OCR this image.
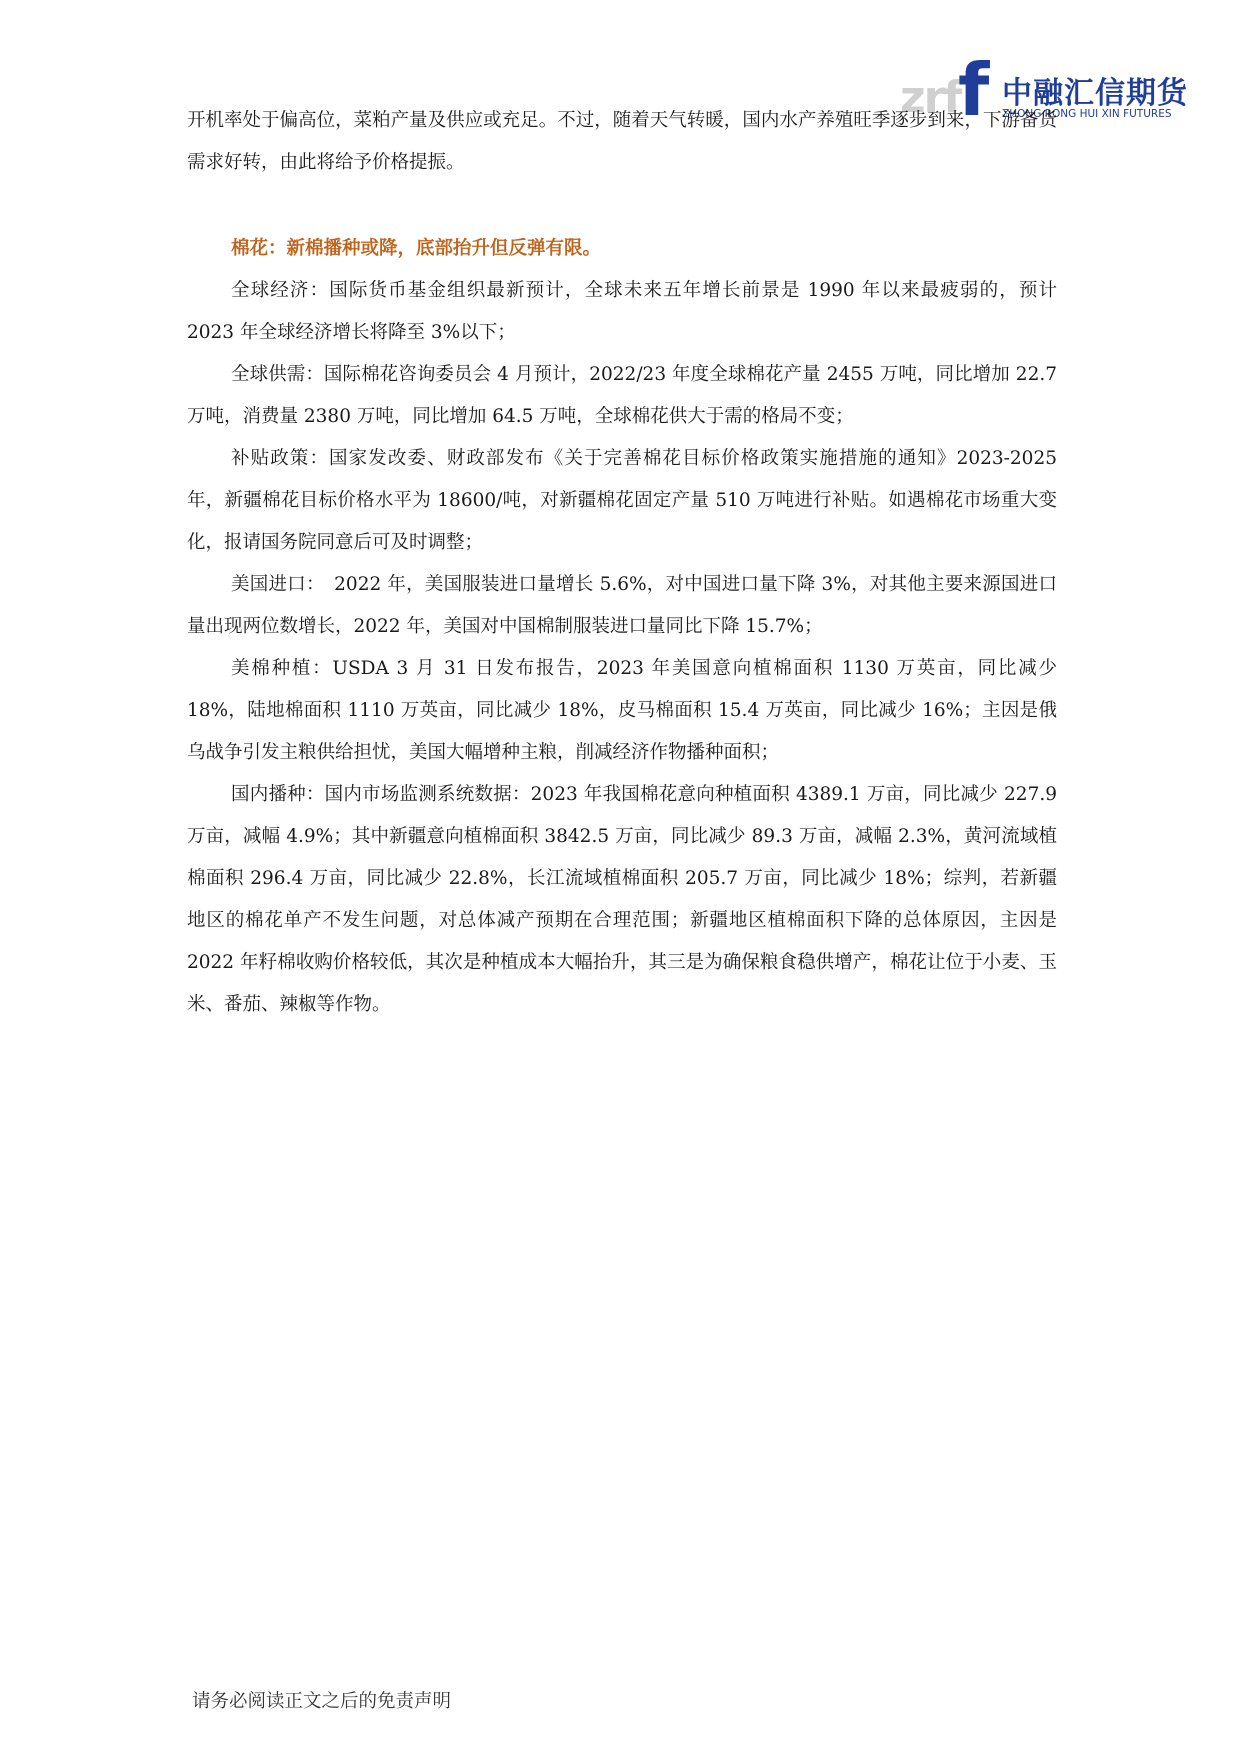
zrf
f 中融汇信期货
ZHONG RONG HUI XIN FUTURES

开机率处于偏高位，菜粕产量及供应或充足。不过，随着天气转暖，国内水产养殖旺季逐步到来，下游备货需求好转，由此将给予价格提振。

棉花：新棉播种或降，底部抬升但反弹有限。

全球经济：国际货币基金组织最新预计，全球未来五年增长前景是 1990 年以来最疲弱的，预计 2023 年全球经济增长将降至 3%以下；

全球供需：国际棉花咨询委员会 4 月预计，2022/23 年度全球棉花产量 2455 万吨，同比增加 22.7 万吨，消费量 2380 万吨，同比增加 64.5 万吨，全球棉花供大于需的格局不变；

补贴政策：国家发改委、财政部发布《关于完善棉花目标价格政策实施措施的通知》2023-2025 年，新疆棉花目标价格水平为 18600/吨，对新疆棉花固定产量 510 万吨进行补贴。如遇棉花市场重大变化，报请国务院同意后可及时调整；

美国进口：　2022 年，美国服装进口量增长 5.6%，对中国进口量下降 3%，对其他主要来源国进口量出现两位数增长，2022 年，美国对中国棉制服装进口量同比下降 15.7%；

美棉种植：USDA 3 月 31 日发布报告，2023 年美国意向植棉面积 1130 万英亩，同比减少 18%，陆地棉面积 1110 万英亩，同比减少 18%，皮马棉面积 15.4 万英亩，同比减少 16%；主因是俄乌战争引发主粮供给担忧，美国大幅增种主粮，削减经济作物播种面积；

国内播种：国内市场监测系统数据：2023 年我国棉花意向种植面积 4389.1 万亩，同比减少 227.9 万亩，减幅 4.9%；其中新疆意向植棉面积 3842.5 万亩，同比减少 89.3 万亩，减幅 2.3%，黄河流域植棉面积 296.4 万亩，同比减少 22.8%，长江流域植棉面积 205.7 万亩，同比减少 18%；综判，若新疆地区的棉花单产不发生问题，对总体减产预期在合理范围；新疆地区植棉面积下降的总体原因，主因是 2022 年籽棉收购价格较低，其次是种植成本大幅抬升，其三是为确保粮食稳供增产，棉花让位于小麦、玉米、番茄、辣椒等作物。

请务必阅读正文之后的免责声明
